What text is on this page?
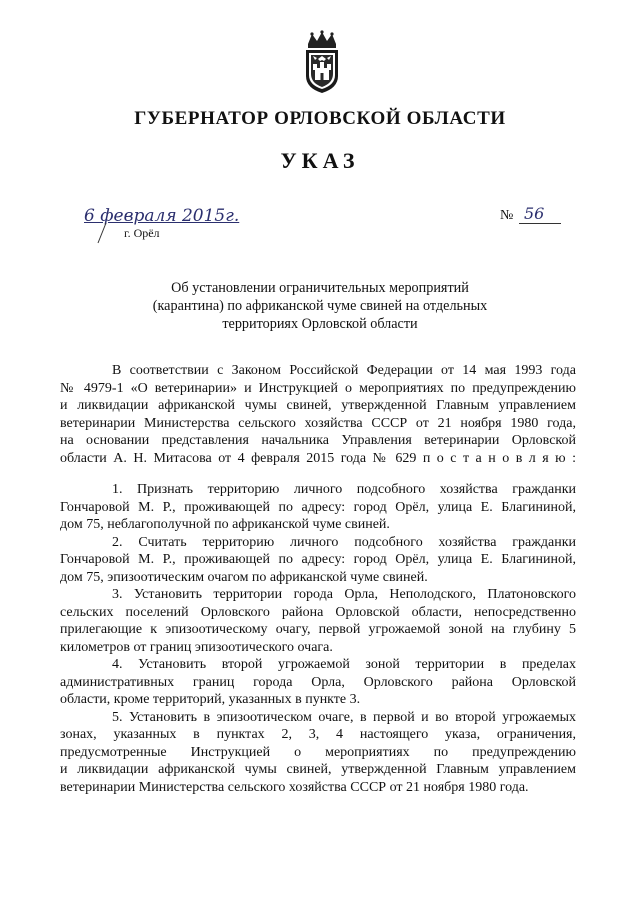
ГУБЕРНАТОР ОРЛОВСКОЙ ОБЛАСТИ
УКАЗ
6 февраля 2015г.
г. Орёл
№ 56
Об установлении ограничительных мероприятий
(карантина) по африканской чуме свиней на отдельных
территориях Орловской области
В соответствии с Законом Российской Федерации от 14 мая 1993 года
№ 4979-1 «О ветеринарии» и Инструкцией о мероприятиях по предупреждению
и ликвидации африканской чумы свиней, утвержденной Главным управлением
ветеринарии Министерства сельского хозяйства СССР от 21 ноября 1980 года,
на основании представления начальника Управления ветеринарии Орловской
области А. Н. Митасова от 4 февраля 2015 года № 629 п о с т а н о в л я ю :
1. Признать территорию личного подсобного хозяйства гражданки
Гончаровой М. Р., проживающей по адресу: город Орёл, улица Е. Благининой,
дом 75, неблагополучной по африканской чуме свиней.
2. Считать территорию личного подсобного хозяйства гражданки
Гончаровой М. Р., проживающей по адресу: город Орёл, улица Е. Благининой,
дом 75, эпизоотическим очагом по африканской чуме свиней.
3. Установить территории города Орла, Неполодского, Платоновского
сельских поселений Орловского района Орловской области, непосредственно
прилегающие к эпизоотическому очагу, первой угрожаемой зоной на глубину 5
километров от границ эпизоотического очага.
4. Установить второй угрожаемой зоной территории в пределах
административных границ города Орла, Орловского района Орловской
области, кроме территорий, указанных в пункте 3.
5. Установить в эпизоотическом очаге, в первой и во второй угрожаемых
зонах, указанных в пунктах 2, 3, 4 настоящего указа, ограничения,
предусмотренные Инструкцией о мероприятиях по предупреждению
и ликвидации африканской чумы свиней, утвержденной Главным управлением
ветеринарии Министерства сельского хозяйства СССР от 21 ноября 1980 года.
